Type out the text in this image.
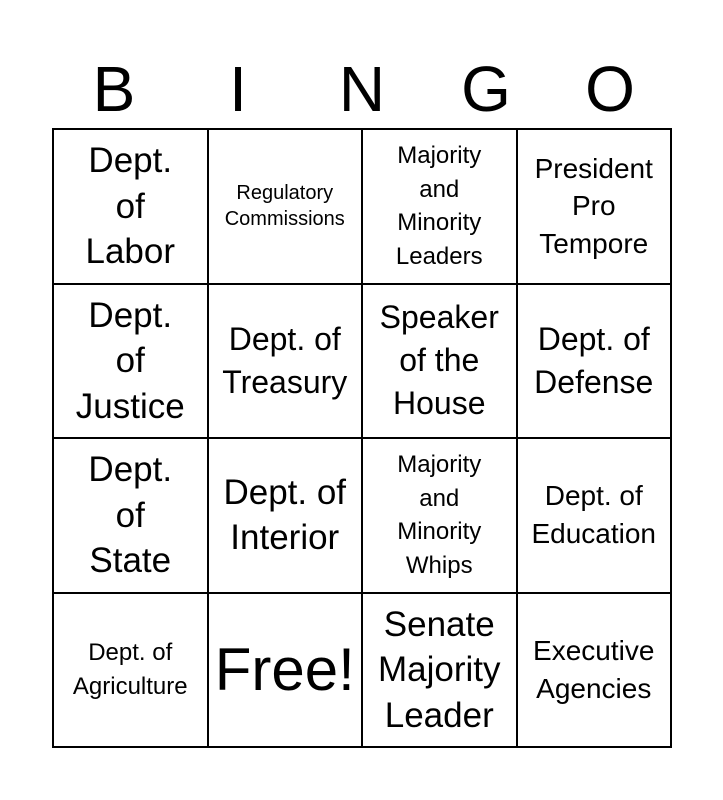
B	I	N	G	O
Dept. of Labor
Regulatory Commissions
Majority and Minority Leaders
President Pro Tempore
Dept. of Justice
Dept. of Treasury
Speaker of the House
Dept. of Defense
Dept. of State
Dept. of Interior
Majority and Minority Whips
Dept. of Education
Dept. of Agriculture Free!
Senate Majority Leader
Executive Agencies
